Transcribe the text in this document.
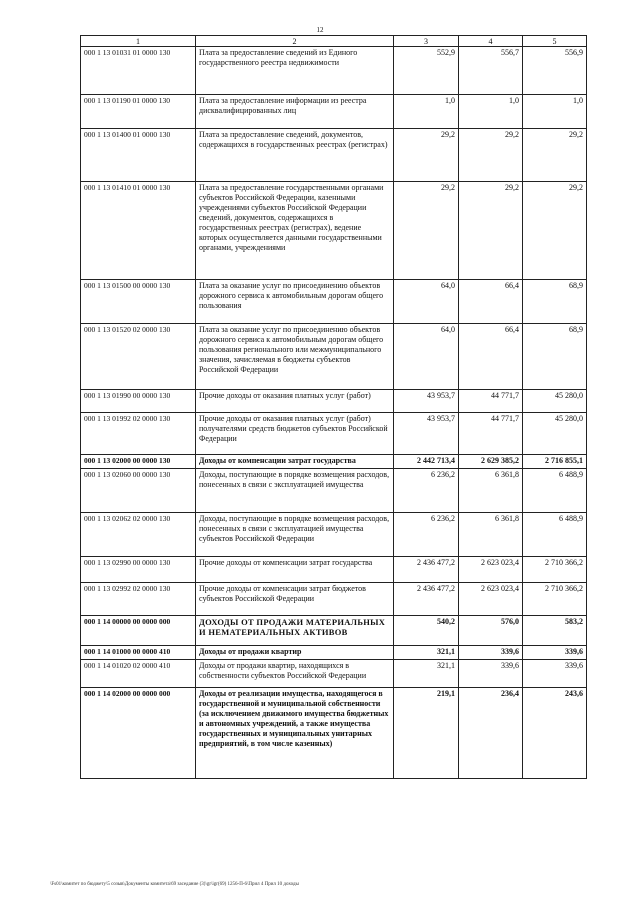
12
1	2	3	4	5
000 1 13 01031 01 0000 130	Плата за предоставление сведений из Единого государственного реестра недвижимости	552,9	556,7	556,9
000 1 13 01190 01 0000 130	Плата за предоставление информации из реестра дисквалифицированных лиц	1,0	1,0	1,0
000 1 13 01400 01 0000 130	Плата за предоставление сведений, документов, содержащихся в государственных реестрах (регистрах)	29,2	29,2	29,2
000 1 13 01410 01 0000 130	Плата за предоставление государственными органами субъектов Российской Федерации, казенными учреждениями субъектов Российской Федерации сведений, документов, содержащихся в государственных реестрах (регистрах), ведение которых осуществляется данными государственными органами, учреждениями	29,2	29,2	29,2
000 1 13 01500 00 0000 130	Плата за оказание услуг по присоединению объектов дорожного сервиса к автомобильным дорогам общего пользования	64,0	66,4	68,9
000 1 13 01520 02 0000 130	Плата за оказание услуг по присоединению объектов дорожного сервиса к автомобильным дорогам общего пользования регионального или межмуниципального значения, зачисляемая в бюджеты субъектов Российской Федерации	64,0	66,4	68,9
000 1 13 01990 00 0000 130	Прочие доходы от оказания платных услуг (работ)	43 953,7	44 771,7	45 280,0
000 1 13 01992 02 0000 130	Прочие доходы от оказания платных услуг (работ) получателями средств бюджетов субъектов Российской Федерации	43 953,7	44 771,7	45 280,0
000 1 13 02000 00 0000 130	Доходы от компенсации затрат государства	2 442 713,4	2 629 385,2	2 716 855,1
000 1 13 02060 00 0000 130	Доходы, поступающие в порядке возмещения расходов, понесенных в связи с эксплуатацией имущества	6 236,2	6 361,8	6 488,9
000 1 13 02062 02 0000 130	Доходы, поступающие в порядке возмещения расходов, понесенных в связи с эксплуатацией имущества субъектов Российской Федерации	6 236,2	6 361,8	6 488,9
000 1 13 02990 00 0000 130	Прочие доходы от компенсации затрат государства	2 436 477,2	2 623 023,4	2 710 366,2
000 1 13 02992 02 0000 130	Прочие доходы от компенсации затрат бюджетов субъектов Российской Федерации	2 436 477,2	2 623 023,4	2 710 366,2
000 1 14 00000 00 0000 000	ДОХОДЫ ОТ ПРОДАЖИ МАТЕРИАЛЬНЫХ И НЕМАТЕРИАЛЬНЫХ АКТИВОВ	540,2	576,0	583,2
000 1 14 01000 00 0000 410	Доходы от продажи квартир	321,1	339,6	339,6
000 1 14 01020 02 0000 410	Доходы от продажи квартир, находящихся в собственности субъектов Российской Федерации	321,1	339,6	339,6
000 1 14 02000 00 0000 000	Доходы от реализации имущества, находящегося в государственной и муниципальной собственности (за исключением движимого имущества бюджетных и автономных учреждений, а также имущества государственных и муниципальных унитарных предприятий, в том числе казенных)	219,1	236,4	243,6
\Fs01\комитет по бюджету\5 созыв\Документы комитета\69 заседание (3)\gr\igr(69) 1256-П-6\Прил 4 Прил 10 доходы
